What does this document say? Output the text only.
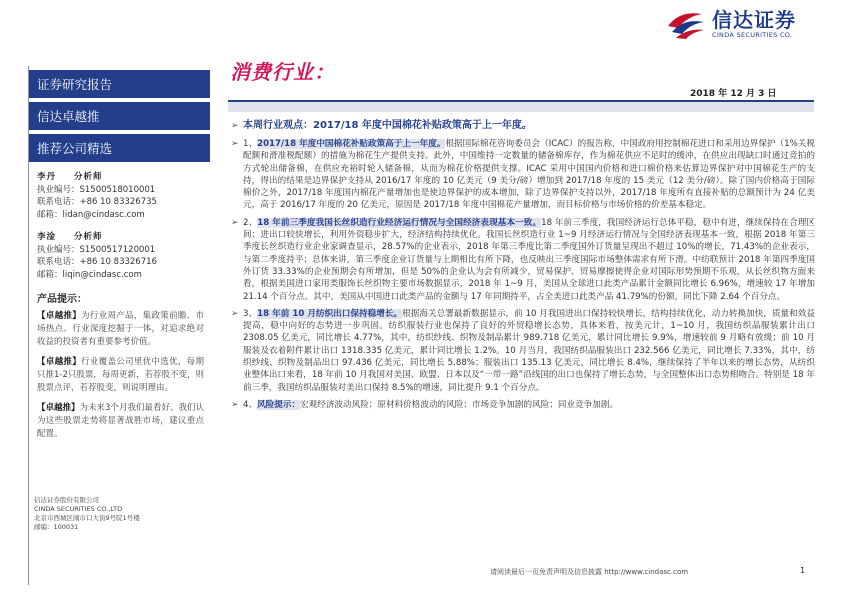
信达证券
CINDA SECURITIES CO.
证券研究报告
信达卓越推
推荐公司精选
李丹 分析师
执业编号：S1500518010001
联系电话：+86 10 83326735
邮箱：lidan@cindasc.com
李淦 分析师
执业编号：S1500517120001
联系电话：+86 10 83326716
邮箱：liqin@cindasc.com
产品提示：
【卓越推】为行业周产品，集政策前瞻、市场热点、行业深度挖掘于一体，对追求绝对收益的投资者有重要参考价值。
【卓越推】行业覆盖公司里优中选优，每期只推1-2只股票，每周更新，若荐股不变，则股票点评，若荐股变，则说明理由。
【卓越推】为未来3个月我们最看好、我们认为这些股票走势将显著战胜市场，建议重点配置。
信达证券股份有限公司
CINDA SECURITIES CO.,LTD
北京市西城区闹市口大街9号院1号楼
邮编：100031
消费行业：
2018 年 12 月 3 日
➢ 本周行业观点：2017/18 年度中国棉花补贴政策高于上一年度。
➢ 1、2017/18 年度中国棉花补贴政策高于上一年度。根据国际棉花咨询委员会（ICAC）的报告称，中国政府用控制棉花进口和采用边界保护（1%关税配额和滑准税配额）的措施为棉花生产提供支持。此外，中国维持一定数量的储备棉库存，作为棉花供应不足时的缓冲，在供应出现缺口时通过竞拍的方式轮出储备棉，在供应充裕时轮入储备棉，从而为棉花价格提供支撑。ICAC 采用中国国内价格和进口棉价格来估算边界保护对中国棉花生产的支持，得出的结果是边界保护支持从 2016/17 年度的 10 亿美元（9 美分/磅）增加到 2017/18 年度的 15 美元（12 美分/磅）。除了国内价格高于国际棉价之外，2017/18 年度国内棉花产量增加也是使边界保护的成本增加，除了边界保护支持以外，2017/18 年度所有直接补贴的总额预计为 24 亿美元，高于 2016/17 年度的 20 亿美元，原因是 2017/18 年度中国棉花产量增加，而目标价格与市场价格的价差基本稳定。
➢ 2、18 年前三季度我国长丝织造行业经济运行情况与全国经济表现基本一致。18 年前三季度，我国经济运行总体平稳，稳中有进，继续保持在合理区间；进出口较快增长，利用外资稳步扩大，经济结构持续优化。我国长丝织造行业 1~9 月经济运行情况与全国经济表现基本一致，根据 2018 年第三季度长丝织造行业企业家调查显示，28.57%的企业表示，2018 年第三季度比第二季度国外订货量呈现出不超过 10%的增长，71.43%的企业表示，与第二季度持平；总体来讲，第三季度企业订货量与上期相比有所下降，也反映出三季度国际市场整体需求有所下滑。中纺联预计 2018 年第四季度国外订货 33.33%的企业预期会有所增加，但是 50%的企业认为会有所减少，贸易保护、贸易摩擦使得企业对国际形势预期不乐观，从长丝织物方面来看，根据美国进口家用类服饰长丝织物主要市场数据显示，2018 年 1~9 月，美国从全球进口此类产品累计金额同比增长 6.96%，增速较 17 年增加 21.14 个百分点。其中，美国从中国进口此类产品的金额与 17 年同期持平，占全美进口此类产品 41.79%的份额，同比下降 2.64 个百分点。
➢ 3、18 年前 10 月纺织出口保持稳增长。根据海关总署最新数据显示，前 10 月我国进出口保持较快增长，结构持续优化，动力转换加快，质量和效益提高，稳中向好的态势进一步巩固。纺织服装行业也保持了良好的外贸稳增长态势，具体来看，按美元计，1~10 月，我国纺织品服装累计出口 2308.05 亿美元，同比增长 4.77%，其中，纺织纱线、织物及制品累计 989.718 亿美元，累计同比增长 9.9%，增速较前 9 月略有放缓；前 10 月服装及衣着附件累计出口 1318.335 亿美元，累计同比增长 1.2%。10 月当月，我国纺织品服装出口 232.566 亿美元，同比增长 7.33%，其中，纺织纱线、织物及制品出口 97.436 亿美元，同比增长 5.88%；服装出口 135.13 亿美元，同比增长 8.4%，继续保持了半年以来的增长态势，从纺织业整体出口来看，18 年前 10 月我国对美国、欧盟、日本以及“一带一路”沿线国的出口也保持了增长态势，与全国整体出口态势相吻合。特别是 18 年前三季，我国纺织品服装对美出口保持 8.5%的增速，同比提升 9.1 个百分点。
➢ 4、风险提示：宏观经济波动风险；原材料价格波动的风险；市场竞争加剧的风险；同业竞争加剧。
请阅读最后一页免责声明及信息披露 http://www.cindasc.com	1
